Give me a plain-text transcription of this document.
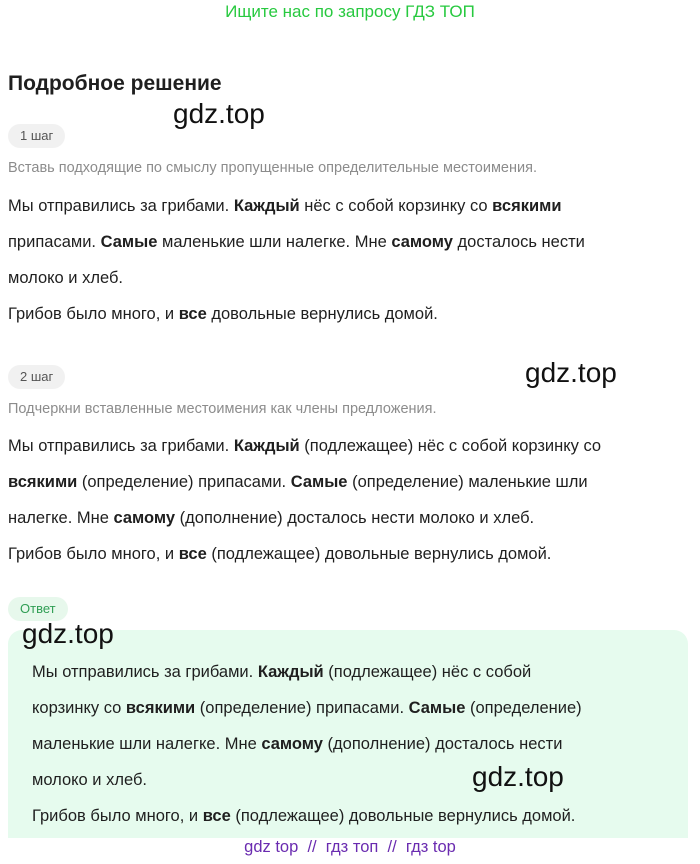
Ищите нас по запросу ГДЗ ТОП
Подробное решение
gdz.top
1 шаг
Вставь подходящие по смыслу пропущенные определительные местоимения.
Мы отправились за грибами. Каждый нёс с собой корзинку со всякими
припасами. Самые маленькие шли налегке. Мне самому досталось нести
молоко и хлеб.
Грибов было много, и все довольные вернулись домой.
gdz.top
2 шаг
Подчеркни вставленные местоимения как члены предложения.
Мы отправились за грибами. Каждый (подлежащее) нёс с собой корзинку со
всякими (определение) припасами. Самые (определение) маленькие шли
налегке. Мне самому (дополнение) досталось нести молоко и хлеб.
Грибов было много, и все (подлежащее) довольные вернулись домой.
Ответ
Мы отправились за грибами. Каждый (подлежащее) нёс с собой
корзинку со всякими (определение) припасами. Самые (определение)
маленькие шли налегке. Мне самому (дополнение) досталось нести
молоко и хлеб.
Грибов было много, и все (подлежащее) довольные вернулись домой.
gdz.top
gdz.top
gdz top // гдз топ // гдз top
